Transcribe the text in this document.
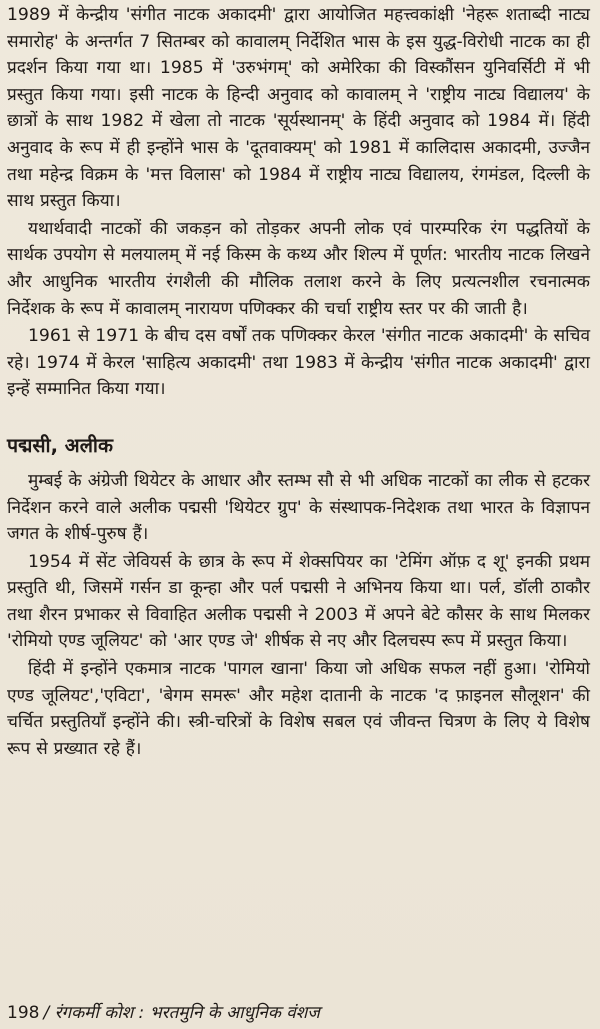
1989 में केन्द्रीय 'संगीत नाटक अकादमी' द्वारा आयोजित महत्त्वकांक्षी 'नेहरू शताब्दी नाट्य समारोह' के अन्तर्गत 7 सितम्बर को कावालम् निर्देशित भास के इस युद्ध-विरोधी नाटक का ही प्रदर्शन किया गया था। 1985 में 'उरुभंगम्' को अमेरिका की विस्कौंसन युनिवर्सिटी में भी प्रस्तुत किया गया। इसी नाटक के हिन्दी अनुवाद को कावालम् ने 'राष्ट्रीय नाट्य विद्यालय' के छात्रों के साथ 1982 में खेला तो नाटक 'सूर्यस्थानम्' के हिंदी अनुवाद को 1984 में। हिंदी अनुवाद के रूप में ही इन्होंने भास के 'दूतवाक्यम्' को 1981 में कालिदास अकादमी, उज्जैन तथा महेन्द्र विक्रम के 'मत्त विलास' को 1984 में राष्ट्रीय नाट्य विद्यालय, रंगमंडल, दिल्ली के साथ प्रस्तुत किया।

यथार्थवादी नाटकों की जकड़न को तोड़कर अपनी लोक एवं पारम्परिक रंग पद्धतियों के सार्थक उपयोग से मलयालम् में नई किस्म के कथ्य और शिल्प में पूर्णत: भारतीय नाटक लिखने और आधुनिक भारतीय रंगशैली की मौलिक तलाश करने के लिए प्रत्यत्नशील रचनात्मक निर्देशक के रूप में कावालम् नारायण पणिक्कर की चर्चा राष्ट्रीय स्तर पर की जाती है।

1961 से 1971 के बीच दस वर्षों तक पणिक्कर केरल 'संगीत नाटक अकादमी' के सचिव रहे। 1974 में केरल 'साहित्य अकादमी' तथा 1983 में केन्द्रीय 'संगीत नाटक अकादमी' द्वारा इन्हें सम्मानित किया गया।

पद्मसी, अलीक

मुम्बई के अंग्रेजी थियेटर के आधार और स्तम्भ सौ से भी अधिक नाटकों का लीक से हटकर निर्देशन करने वाले अलीक पद्मसी 'थियेटर ग्रुप' के संस्थापक-निदेशक तथा भारत के विज्ञापन जगत के शीर्ष-पुरुष हैं।

1954 में सेंट जेवियर्स के छात्र के रूप में शेक्सपियर का 'टेमिंग ऑफ़ द शू' इनकी प्रथम प्रस्तुति थी, जिसमें गर्सन डा कून्हा और पर्ल पद्मसी ने अभिनय किया था। पर्ल, डॉली ठाकौर तथा शैरन प्रभाकर से विवाहित अलीक पद्मसी ने 2003 में अपने बेटे कौसर के साथ मिलकर 'रोमियो एण्ड जूलियट' को 'आर एण्ड जे' शीर्षक से नए और दिलचस्प रूप में प्रस्तुत किया।

हिंदी में इन्होंने एकमात्र नाटक 'पागल खाना' किया जो अधिक सफल नहीं हुआ। 'रोमियो एण्ड जूलियट','एविटा', 'बेगम समरू' और महेश दातानी के नाटक 'द फ़ाइनल सौलूशन' की चर्चित प्रस्तुतियाँ इन्होंने की। स्त्री-चरित्रों के विशेष सबल एवं जीवन्त चित्रण के लिए ये विशेष रूप से प्रख्यात रहे हैं।

198 / रंगकर्मी कोश : भरतमुनि के आधुनिक वंशज
